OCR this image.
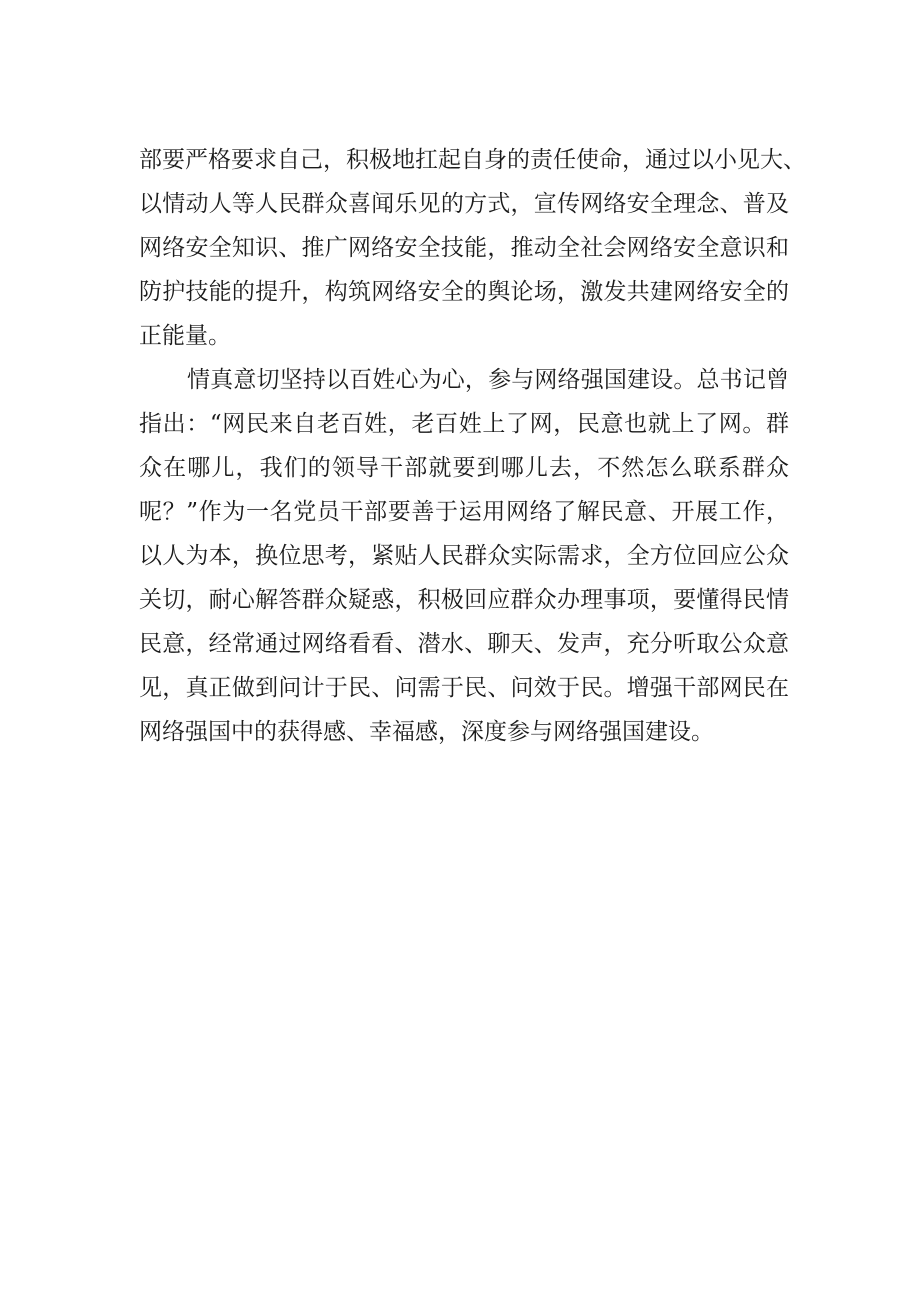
部要严格要求自己，积极地扛起自身的责任使命，通过以小见大、
以情动人等人民群众喜闻乐见的方式，宣传网络安全理念、普及
网络安全知识、推广网络安全技能，推动全社会网络安全意识和
防护技能的提升，构筑网络安全的舆论场，激发共建网络安全的
正能量。
情真意切坚持以百姓心为心，参与网络强国建设。总书记曾
指出：“网民来自老百姓，老百姓上了网，民意也就上了网。群
众在哪儿，我们的领导干部就要到哪儿去，不然怎么联系群众
呢？”作为一名党员干部要善于运用网络了解民意、开展工作，
以人为本，换位思考，紧贴人民群众实际需求，全方位回应公众
关切，耐心解答群众疑惑，积极回应群众办理事项，要懂得民情
民意，经常通过网络看看、潜水、聊天、发声，充分听取公众意
见，真正做到问计于民、问需于民、问效于民。增强干部网民在
网络强国中的获得感、幸福感，深度参与网络强国建设。
